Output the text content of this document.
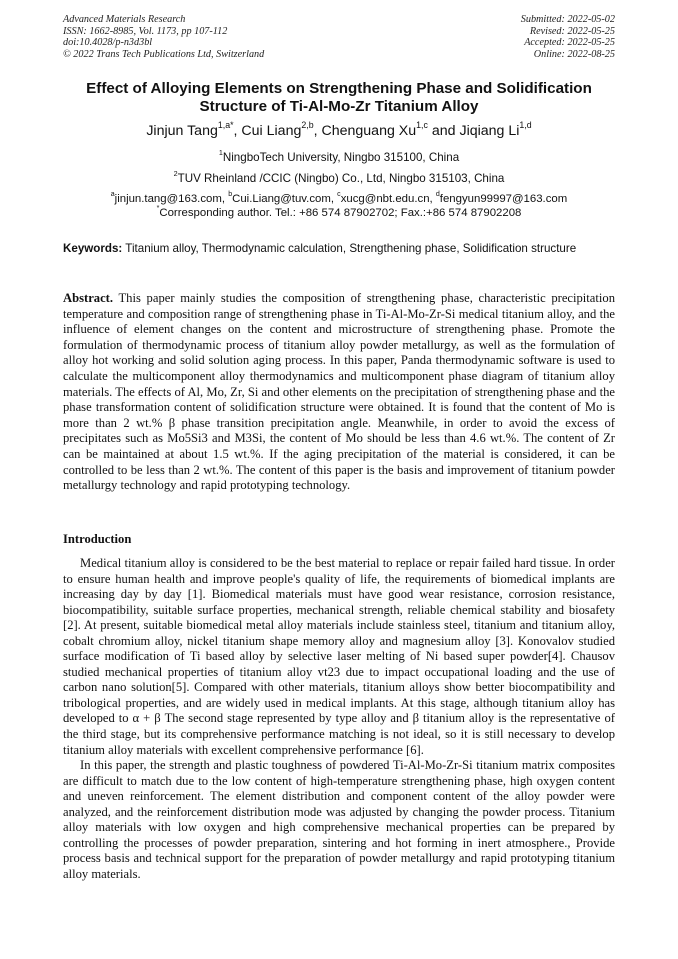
Advanced Materials Research
ISSN: 1662-8985, Vol. 1173, pp 107-112
doi:10.4028/p-n3d3bl
© 2022 Trans Tech Publications Ltd, Switzerland
Submitted: 2022-05-02
Revised: 2022-05-25
Accepted: 2022-05-25
Online: 2022-08-25
Effect of Alloying Elements on Strengthening Phase and Solidification
Structure of Ti-Al-Mo-Zr Titanium Alloy
Jinjun Tang$^{1,a*}$, Cui Liang$^{2,b}$, Chenguang Xu$^{1,c}$ and Jiqiang Li$^{1,d}$
$^1$NingboTech University, Ningbo 315100, China
$^2$TUV Rheinland /CCIC (Ningbo) Co., Ltd, Ningbo 315103, China
$^a$jinjun.tang@163.com, $^b$Cui.Liang@tuv.com, $^c$xucg@nbt.edu.cn, $^d$fengyun99997@163.com
*Corresponding author. Tel.: +86 574 87902702; Fax.:+86 574 87902208
Keywords: Titanium alloy, Thermodynamic calculation, Strengthening phase, Solidification structure
Abstract. This paper mainly studies the composition of strengthening phase, characteristic precipitation temperature and composition range of strengthening phase in Ti-Al-Mo-Zr-Si medical titanium alloy, and the influence of element changes on the content and microstructure of strengthening phase. Promote the formulation of thermodynamic process of titanium alloy powder metallurgy, as well as the formulation of alloy hot working and solid solution aging process. In this paper, Panda thermodynamic software is used to calculate the multicomponent alloy thermodynamics and multicomponent phase diagram of titanium alloy materials. The effects of Al, Mo, Zr, Si and other elements on the precipitation of strengthening phase and the phase transformation content of solidification structure were obtained. It is found that the content of Mo is more than 2 wt.% β phase transition precipitation angle. Meanwhile, in order to avoid the excess of precipitates such as Mo5Si3 and M3Si, the content of Mo should be less than 4.6 wt.%. The content of Zr can be maintained at about 1.5 wt.%. If the aging precipitation of the material is considered, it can be controlled to be less than 2 wt.%. The content of this paper is the basis and improvement of titanium powder metallurgy technology and rapid prototyping technology.
Introduction

Medical titanium alloy is considered to be the best material to replace or repair failed hard tissue. In order to ensure human health and improve people's quality of life, the requirements of biomedical implants are increasing day by day [1]. Biomedical materials must have good wear resistance, corrosion resistance, biocompatibility, suitable surface properties, mechanical strength, reliable chemical stability and biosafety [2]. At present, suitable biomedical metal alloy materials include stainless steel, titanium and titanium alloy, cobalt chromium alloy, nickel titanium shape memory alloy and magnesium alloy [3]. Konovalov studied surface modification of Ti based alloy by selective laser melting of Ni based super powder[4]. Chausov studied mechanical properties of titanium alloy vt23 due to impact occupational loading and the use of carbon nano solution[5]. Compared with other materials, titanium alloys show better biocompatibility and tribological properties, and are widely used in medical implants. At this stage, although titanium alloy has developed to α + β The second stage represented by type alloy and β titanium alloy is the representative of the third stage, but its comprehensive performance matching is not ideal, so it is still necessary to develop titanium alloy materials with excellent comprehensive performance [6].

In this paper, the strength and plastic toughness of powdered Ti-Al-Mo-Zr-Si titanium matrix composites are difficult to match due to the low content of high-temperature strengthening phase, high oxygen content and uneven reinforcement. The element distribution and component content of the alloy powder were analyzed, and the reinforcement distribution mode was adjusted by changing the powder process. Titanium alloy materials with low oxygen and high comprehensive mechanical properties can be prepared by controlling the processes of powder preparation, sintering and hot forming in inert atmosphere., Provide process basis and technical support for the preparation of powder metallurgy and rapid prototyping titanium alloy materials.
